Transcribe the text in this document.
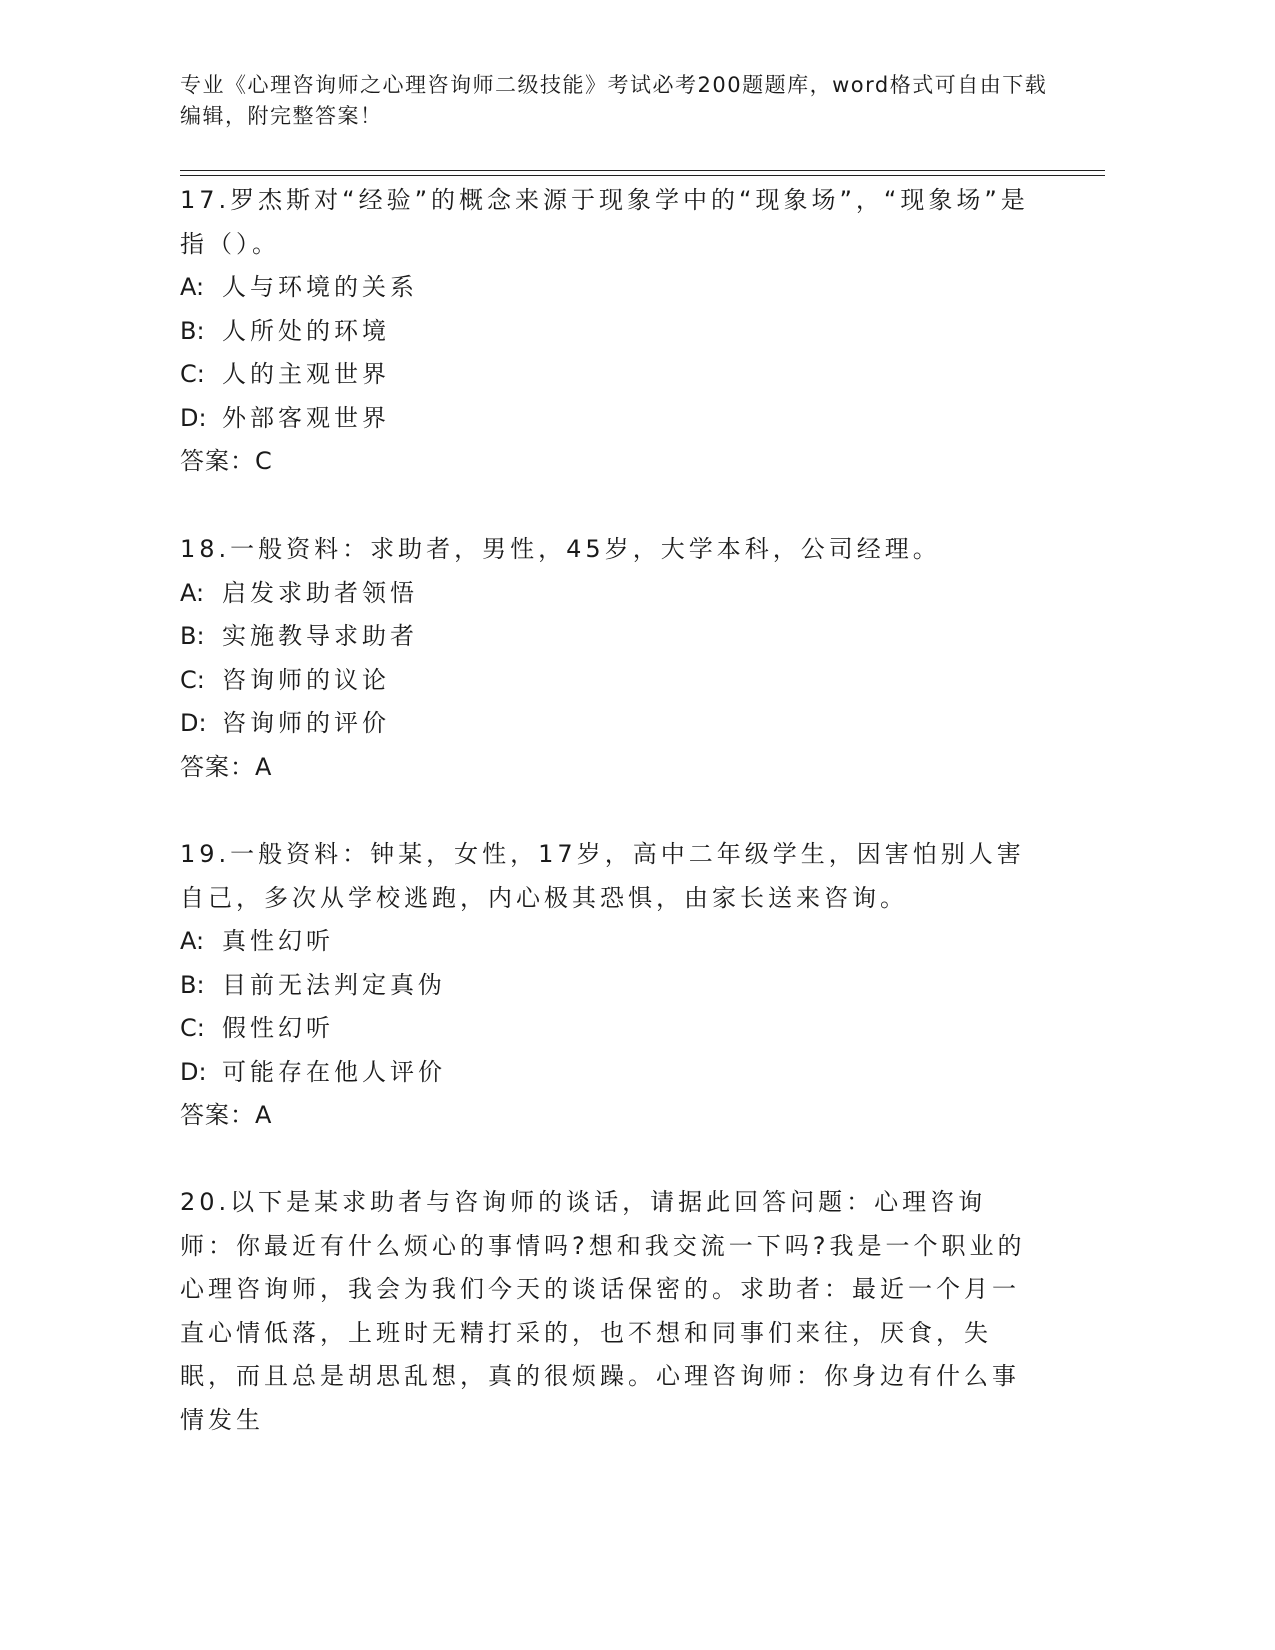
专业《心理咨询师之心理咨询师二级技能》考试必考200题题库，word格式可自由下载编辑，附完整答案！
17.罗杰斯对“经验”的概念来源于现象学中的“现象场”，“现象场”是指（）。
A: 人与环境的关系
B: 人所处的环境
C: 人的主观世界
D: 外部客观世界
答案：C
18.一般资料：求助者，男性，45岁，大学本科，公司经理。
A: 启发求助者领悟
B: 实施教导求助者
C: 咨询师的议论
D: 咨询师的评价
答案：A
19.一般资料：钟某，女性，17岁，高中二年级学生，因害怕别人害自己，多次从学校逃跑，内心极其恐惧，由家长送来咨询。
A: 真性幻听
B: 目前无法判定真伪
C: 假性幻听
D: 可能存在他人评价
答案：A
20.以下是某求助者与咨询师的谈话，请据此回答问题：心理咨询师：你最近有什么烦心的事情吗?想和我交流一下吗?我是一个职业的心理咨询师，我会为我们今天的谈话保密的。求助者：最近一个月一直心情低落，上班时无精打采的，也不想和同事们来往，厌食，失眠，而且总是胡思乱想，真的很烦躁。心理咨询师：你身边有什么事情发生
